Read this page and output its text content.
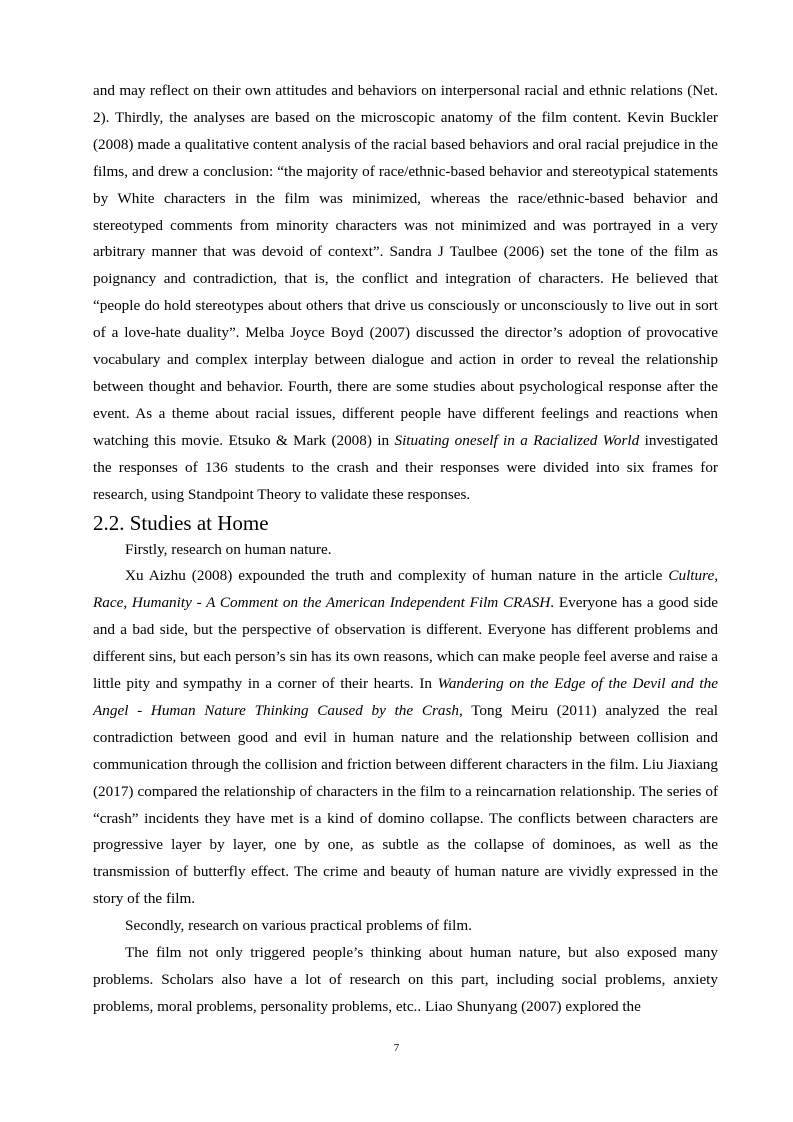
and may reflect on their own attitudes and behaviors on interpersonal racial and ethnic relations (Net. 2). Thirdly, the analyses are based on the microscopic anatomy of the film content. Kevin Buckler (2008) made a qualitative content analysis of the racial based behaviors and oral racial prejudice in the films, and drew a conclusion: “the majority of race/ethnic-based behavior and stereotypical statements by White characters in the film was minimized, whereas the race/ethnic-based behavior and stereotyped comments from minority characters was not minimized and was portrayed in a very arbitrary manner that was devoid of context”. Sandra J Taulbee (2006) set the tone of the film as poignancy and contradiction, that is, the conflict and integration of characters. He believed that “people do hold stereotypes about others that drive us consciously or unconsciously to live out in sort of a love-hate duality”. Melba Joyce Boyd (2007) discussed the director’s adoption of provocative vocabulary and complex interplay between dialogue and action in order to reveal the relationship between thought and behavior. Fourth, there are some studies about psychological response after the event. As a theme about racial issues, different people have different feelings and reactions when watching this movie. Etsuko & Mark (2008) in Situating oneself in a Racialized World investigated the responses of 136 students to the crash and their responses were divided into six frames for research, using Standpoint Theory to validate these responses.

2.2. Studies at Home

Firstly, research on human nature.

Xu Aizhu (2008) expounded the truth and complexity of human nature in the article Culture, Race, Humanity - A Comment on the American Independent Film CRASH. Everyone has a good side and a bad side, but the perspective of observation is different. Everyone has different problems and different sins, but each person’s sin has its own reasons, which can make people feel averse and raise a little pity and sympathy in a corner of their hearts. In Wandering on the Edge of the Devil and the Angel - Human Nature Thinking Caused by the Crash, Tong Meiru (2011) analyzed the real contradiction between good and evil in human nature and the relationship between collision and communication through the collision and friction between different characters in the film. Liu Jiaxiang (2017) compared the relationship of characters in the film to a reincarnation relationship. The series of “crash” incidents they have met is a kind of domino collapse. The conflicts between characters are progressive layer by layer, one by one, as subtle as the collapse of dominoes, as well as the transmission of butterfly effect. The crime and beauty of human nature are vividly expressed in the story of the film.

Secondly, research on various practical problems of film.

The film not only triggered people’s thinking about human nature, but also exposed many problems. Scholars also have a lot of research on this part, including social problems, anxiety problems, moral problems, personality problems, etc.. Liao Shunyang (2007) explored the

7
